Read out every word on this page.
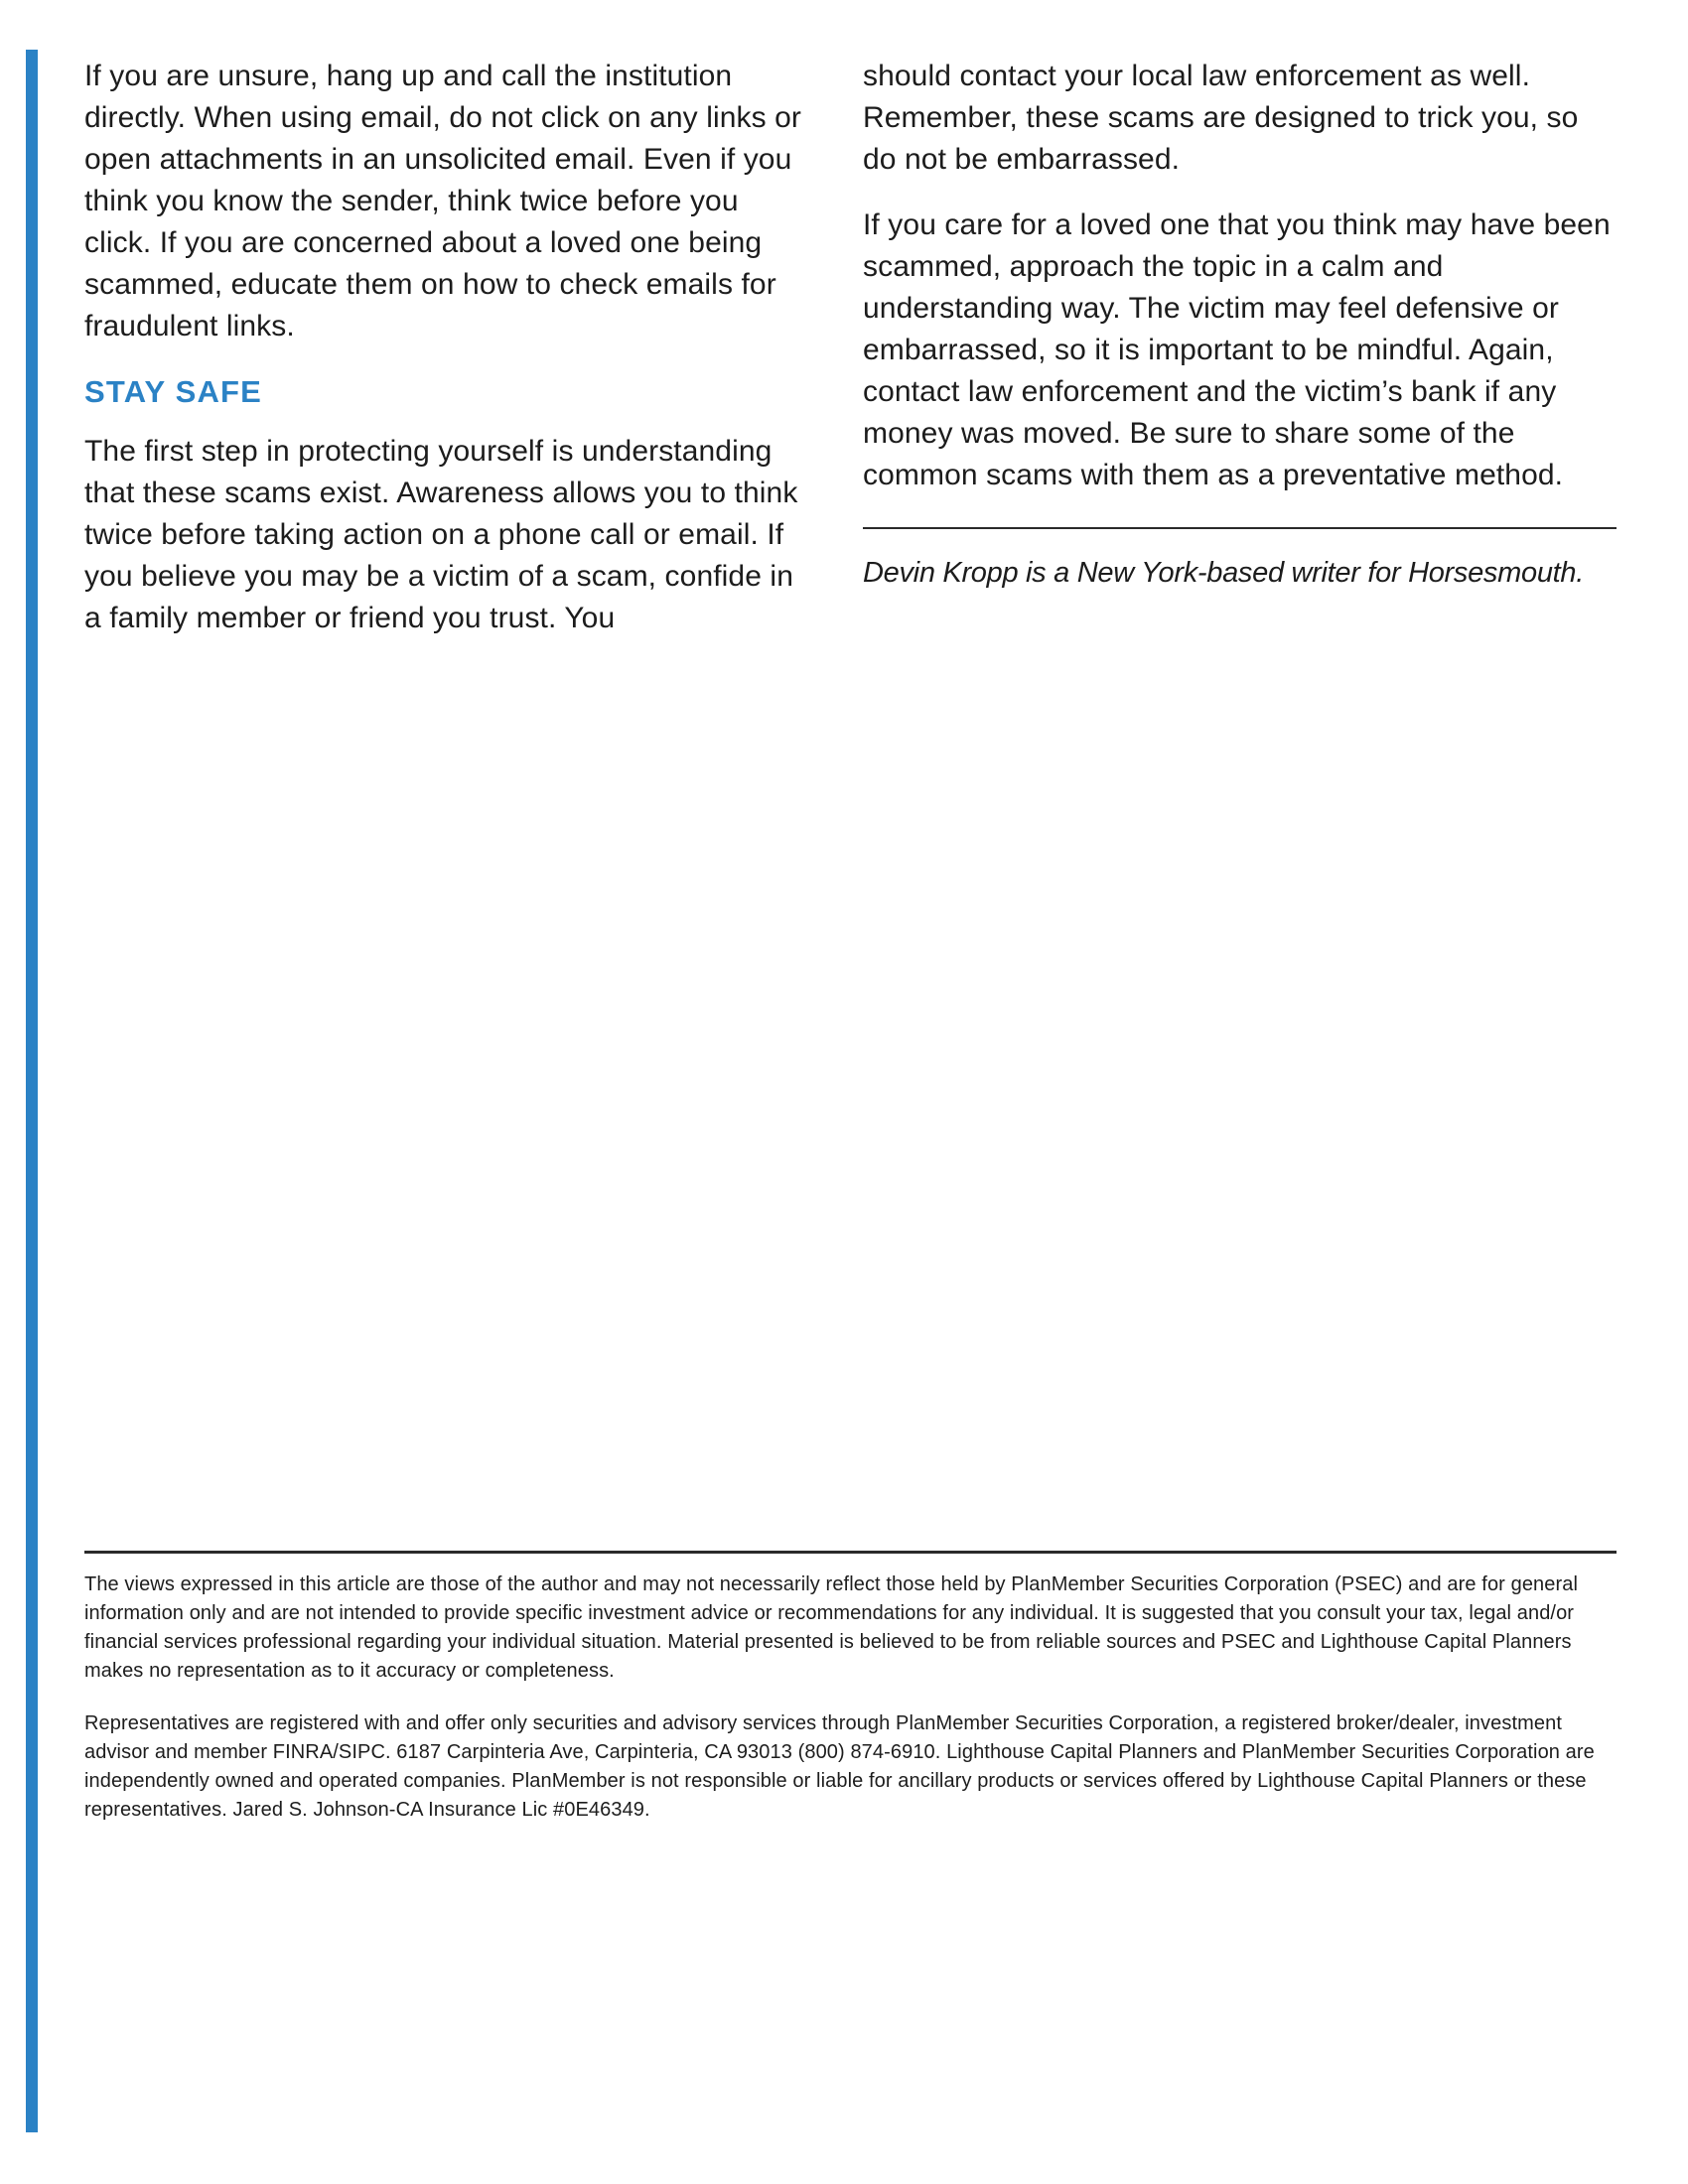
If you are unsure, hang up and call the institution directly. When using email, do not click on any links or open attachments in an unsolicited email. Even if you think you know the sender, think twice before you click. If you are concerned about a loved one being scammed, educate them on how to check emails for fraudulent links.

STAY SAFE

The first step in protecting yourself is understanding that these scams exist. Awareness allows you to think twice before taking action on a phone call or email. If you believe you may be a victim of a scam, confide in a family member or friend you trust. You

should contact your local law enforcement as well. Remember, these scams are designed to trick you, so do not be embarrassed.

If you care for a loved one that you think may have been scammed, approach the topic in a calm and understanding way. The victim may feel defensive or embarrassed, so it is important to be mindful. Again, contact law enforcement and the victim’s bank if any money was moved. Be sure to share some of the common scams with them as a preventative method.

Devin Kropp is a New York-based writer for Horsesmouth.

The views expressed in this article are those of the author and may not necessarily reflect those held by PlanMember Securities Corporation (PSEC) and are for general information only and are not intended to provide specific investment advice or recommendations for any individual. It is suggested that you consult your tax, legal and/or financial services professional regarding your individual situation. Material presented is believed to be from reliable sources and PSEC and Lighthouse Capital Planners makes no representation as to it accuracy or completeness.

Representatives are registered with and offer only securities and advisory services through PlanMember Securities Corporation, a registered broker/dealer, investment advisor and member FINRA/SIPC. 6187 Carpinteria Ave, Carpinteria, CA 93013 (800) 874-6910. Lighthouse Capital Planners and PlanMember Securities Corporation are independently owned and operated companies. PlanMember is not responsible or liable for ancillary products or services offered by Lighthouse Capital Planners or these representatives. Jared S. Johnson-CA Insurance Lic #0E46349.
